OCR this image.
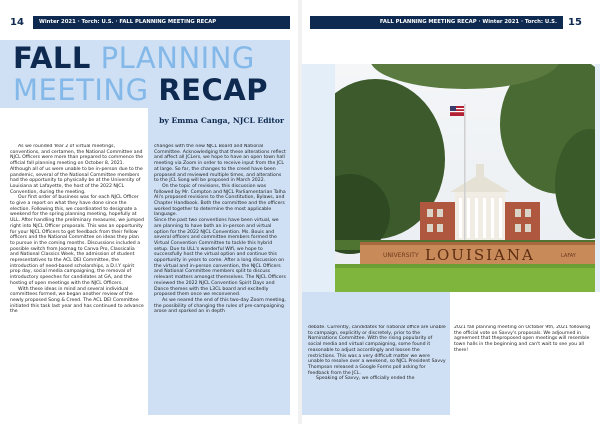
14	Winter 2021 · Torch: U.S. · FALL PLANNING MEETING RECAP
FALL PLANNING
MEETING RECAP
by Emma Canga, NJCL Editor

As we rounded Year 2 of virtual meetings, conventions, and certamen, the National Committee and NJCL Officers were more than prepared to commence the official fall planning meeting on October 8, 2021. Although all of us were unable to be in-person due to the pandemic, several of the National Committee members had the opportunity to physically be at the University of Louisiana at Lafayette, the host of the 2022 NJCL Convention, during the meeting.

Our first order of business was for each NJCL Officer to give a report on what they have done since the election. Following this, we coordinated to designate a weekend for the spring planning meeting, hopefully at ULL. After handling the preliminary measures, we jumped right into NJCL Officer proposals. This was an opportunity for your NJCL Officers to get feedback from their fellow officers and the National Committee on ideas they plan to pursue in the coming months. Discussions included a possible switch from Joomag to Canva Pro, Classicalia and National Classics Week, the admission of student representatives to the ACL DEI Committee, the introduction of need-based scholarships, a D.I.Y spirit prop day, social media campaigning, the removal of introductory speeches for candidates at GA, and the hosting of open meetings with the NJCL Officers.

With these ideas in mind and several individual committees formed, we began another review of the newly proposed Song & Creed. The ACL DEI Committee initiated this task last year and has continued to advance the

changes with the new NJCL Board and National Committee. Acknowledging that these alterations reflect and affect all JCLers, we hope to have an open town hall meeting via Zoom in order to receive input from the JCL at large. So far, the changes to the creed have been proposed and reviewed multiple times, and alterations to the JCL Song will be proposed in March 2022.

On the topic of revisions, this discussion was followed by Mr. Compton and NJCL Parliamentarian Talha Ali's proposed revisions to the Constitution, Bylaws, and Chapter Handbook. Both the committee and the officers worked together to determine the most applicable language.

Since the past two conventions have been virtual, we are planning to have both an in-person and virtual option for the 2022 NJCL Convention. Ms. Bouis and several officers and committee members formed the Virtual Convention Committee to tackle this hybrid setup. Due to ULL's wonderful Wifi, we hope to successfully host the virtual option and continue this opportunity in years to come. After a long discussion on the virtual and in-person convention, the NJCL Officers and National Committee members split to discuss relevant matters amongst themselves. The NJCL Officers reviewed the 2022 NJCL Convention Spirit Days and Dance themes with the L3CL board and excitedly proposed them once we reconvened.

As we neared the end of this two-day Zoom meeting, the possibility of changing the rules of pre-campaigning arose and sparked an in depth

FALL PLANNING MEETING RECAP · Winter 2021 · Torch: U.S.	15

debate. Currently, candidates for national office are unable to campaign, explicitly or discretely, prior to the Nominations Committee. With the rising popularity of social media and virtual campaigning, some found it reasonable to adjust accordingly and loosen the restrictions. This was a very difficult matter we were unable to resolve over a weekend, so NJCL President Savvy Thompson released a Google Forms poll asking for feedback from the JCL.

Speaking of Savvy, we officially ended the

2021 fall planning meeting on October 9th, 2021 following the official vote on Savvy's proposals. We adjourned in agreement that theproposed open meetings will resemble town halls in the beginning and can't wait to see you all there!

UNIVERSITY LOUISIANA	LAFAY
